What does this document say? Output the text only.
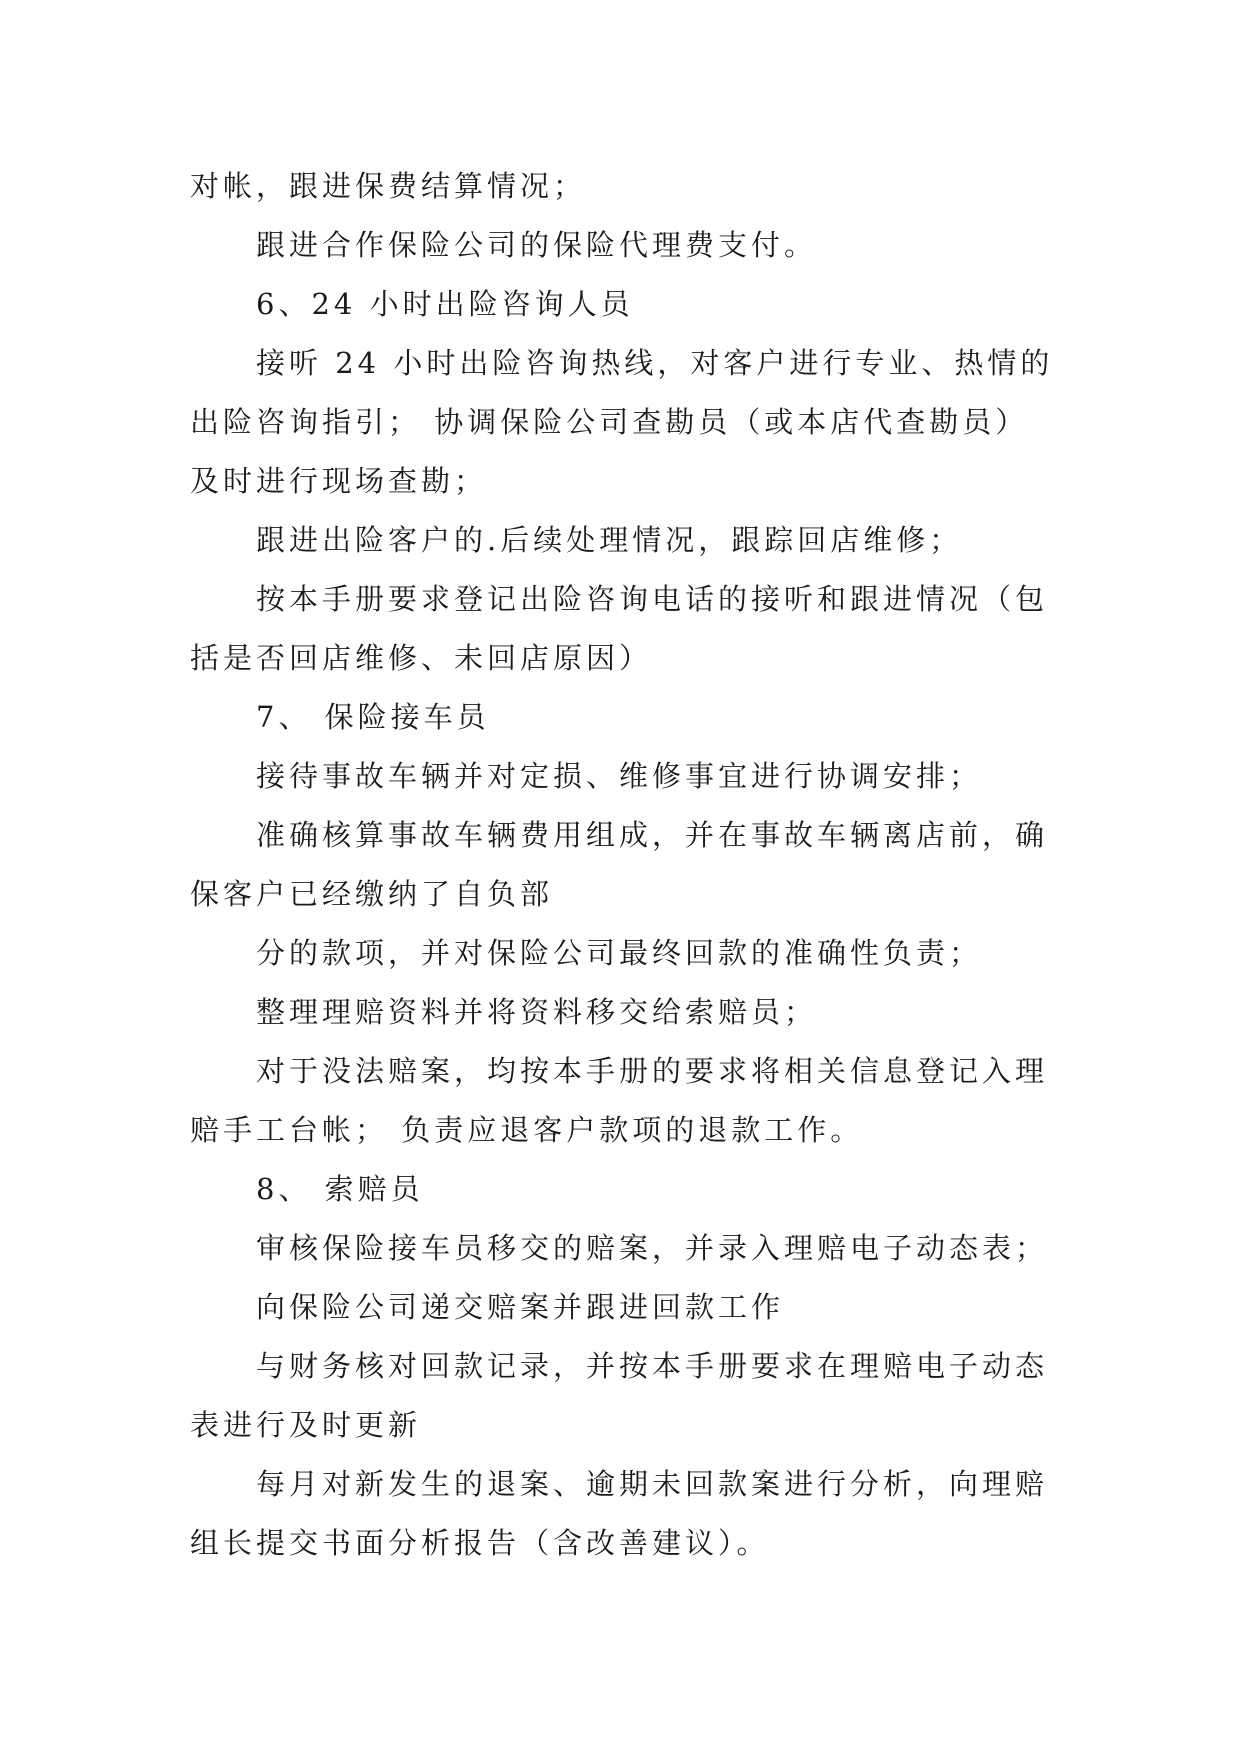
对帐，跟进保费结算情况；
跟进合作保险公司的保险代理费支付。
6、24 小时出险咨询人员
接听 24 小时出险咨询热线，对客户进行专业、热情的
出险咨询指引； 协调保险公司查勘员（或本店代查勘员）
及时进行现场查勘；
跟进出险客户的.后续处理情况，跟踪回店维修；
按本手册要求登记出险咨询电话的接听和跟进情况（包
括是否回店维修、未回店原因）
7、 保险接车员
接待事故车辆并对定损、维修事宜进行协调安排；
准确核算事故车辆费用组成，并在事故车辆离店前，确
保客户已经缴纳了自负部
分的款项，并对保险公司最终回款的准确性负责；
整理理赔资料并将资料移交给索赔员；
对于没法赔案，均按本手册的要求将相关信息登记入理
赔手工台帐； 负责应退客户款项的退款工作。
8、 索赔员
审核保险接车员移交的赔案，并录入理赔电子动态表；
向保险公司递交赔案并跟进回款工作
与财务核对回款记录，并按本手册要求在理赔电子动态
表进行及时更新
每月对新发生的退案、逾期未回款案进行分析，向理赔
组长提交书面分析报告（含改善建议）。
